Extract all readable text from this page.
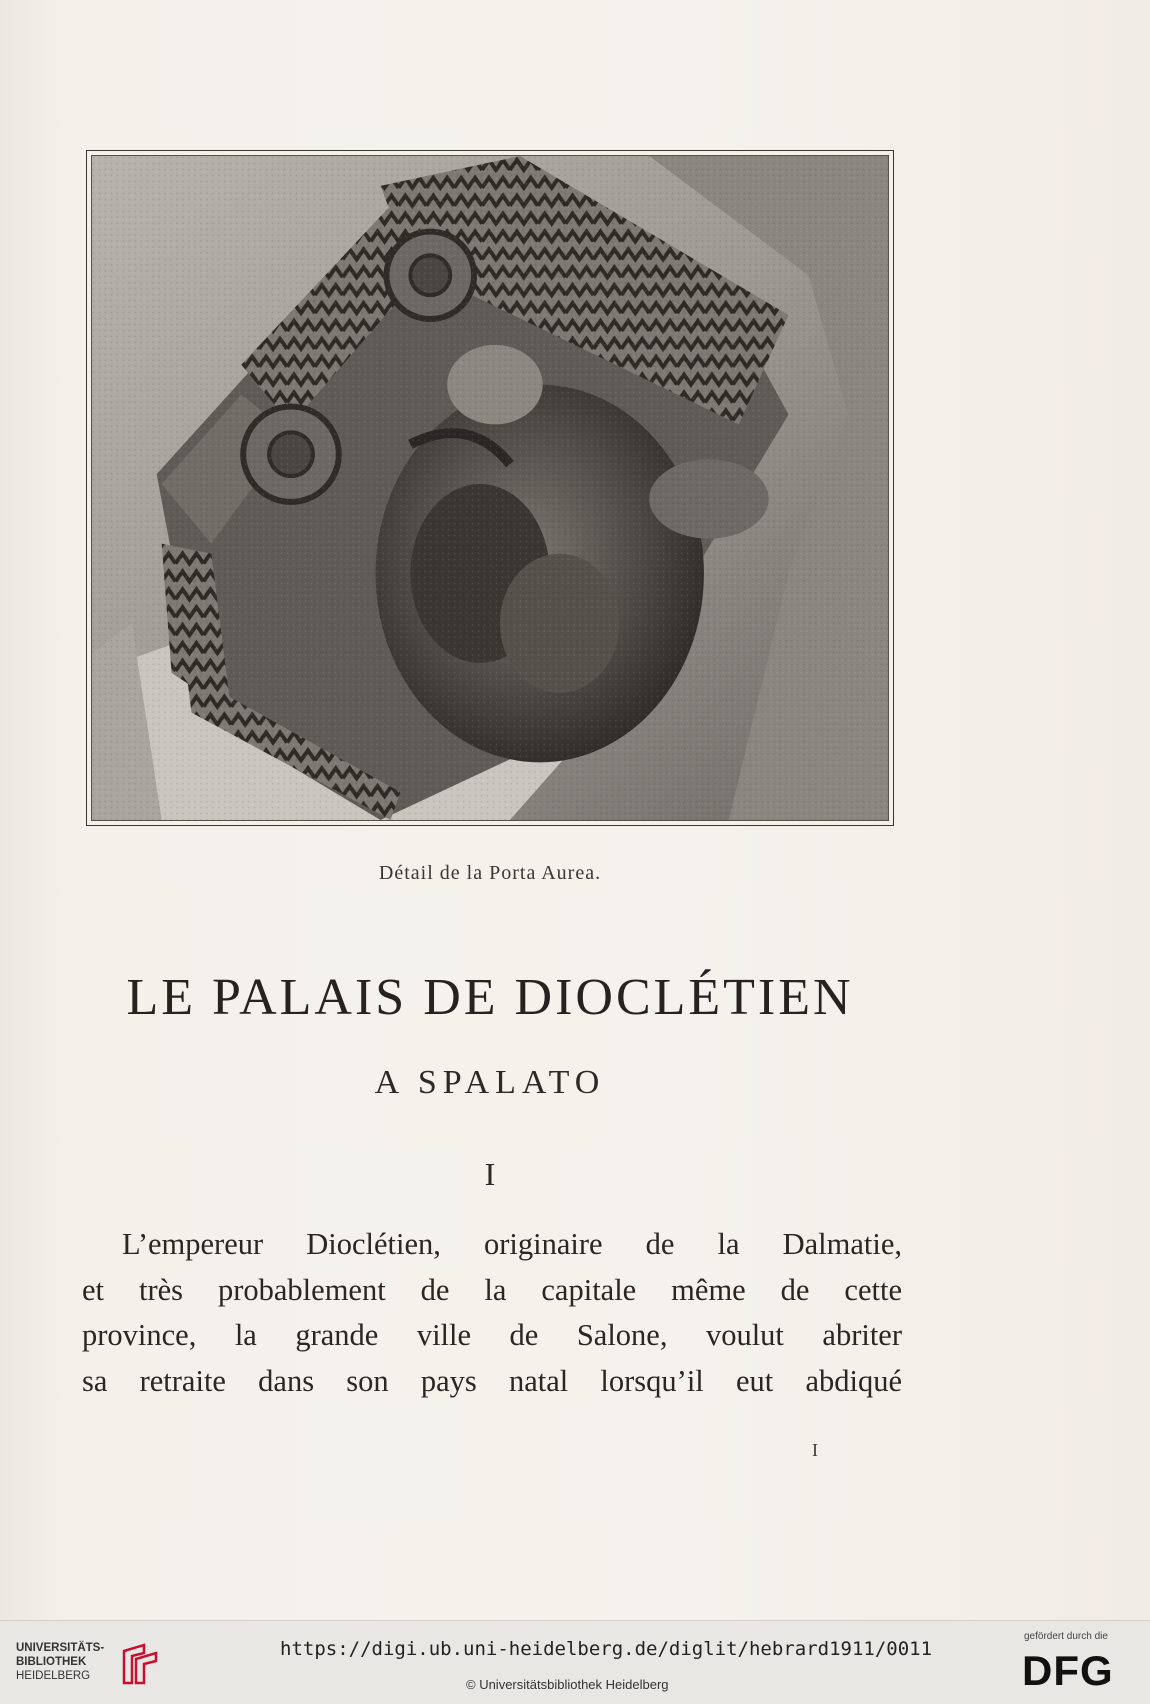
Détail de la Porta Aurea.
LE PALAIS DE DIOCLÉTIEN
A SPALATO
I
L’empereur Dioclétien, originaire de la Dalmatie,
et très probablement de la capitale même de cette
province, la grande ville de Salone, voulut abriter
sa retraite dans son pays natal lorsqu’il eut abdiqué
I
UNIVERSITÄTS-
BIBLIOTHEK
HEIDELBERG
https://digi.ub.uni-heidelberg.de/diglit/hebrard1911/0011
© Universitätsbibliothek Heidelberg
gefördert durch die
DFG
